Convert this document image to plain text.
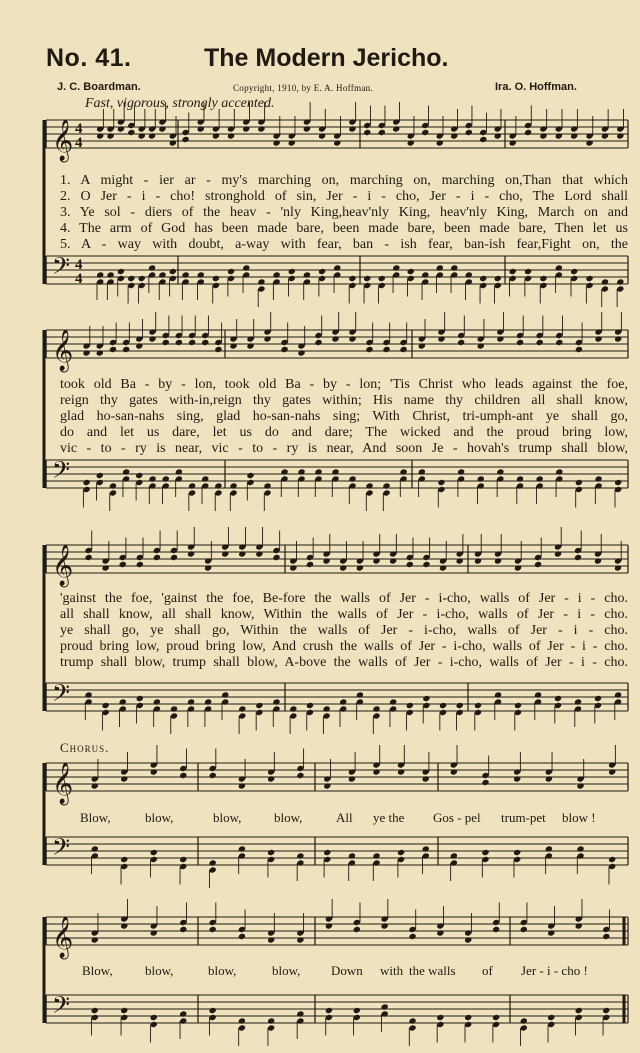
No. 41.	The Modern Jericho.
J. C. Boardman.	Copyright, 1910, by E. A. Hoffman.	Ira. O. Hoffman.
Fast, vigorous, strongly accented.
𝄞 4
4
𝄢 4
4
𝄞
𝄢
𝄞
𝄢
𝄞
𝄢
𝄞
𝄢
1. A might - ier ar - my's marching on, marching on, marching on,Than that which
2. O Jer - i - cho! stronghold of sin, Jer - i - cho, Jer - i - cho, The Lord shall
3. Ye sol - diers of the heav - 'nly King,heav'nly King, heav'nly King, March on and
4. The arm of God has been made bare, been made bare, been made bare, Then let us
5. A - way with doubt, a-way with fear, ban - ish fear, ban-ish fear,Fight on, the
took old Ba - by - lon, took old Ba - by - lon; 'Tis Christ who leads against the foe,
reign thy gates with-in,reign thy gates within; His name thy children all shall know,
glad ho-san-nahs sing, glad ho-san-nahs sing; With Christ, tri-umph-ant ye shall go,
do and let us dare, let us do and dare; The wicked and the proud bring low,
vic - to - ry is near, vic - to - ry is near, And soon Je - hovah's trump shall blow,
'gainst the foe, 'gainst the foe, Be-fore the walls of Jer - i-cho, walls of Jer - i - cho.
all shall know, all shall know, Within the walls of Jer - i-cho, walls of Jer - i - cho.
ye shall go, ye shall go, Within the walls of Jer - i-cho, walls of Jer - i - cho.
proud bring low, proud bring low, And crush the walls of Jer - i-cho, walls of Jer - i - cho.
trump shall blow, trump shall blow, A-bove the walls of Jer - i-cho, walls of Jer - i - cho.
Chorus.
Blow,	blow,	blow,	blow,	All ye the Gos - pel trum-pet blow !
Blow, blow,	blow,	blow, Down with the walls of Jer - i - cho !
